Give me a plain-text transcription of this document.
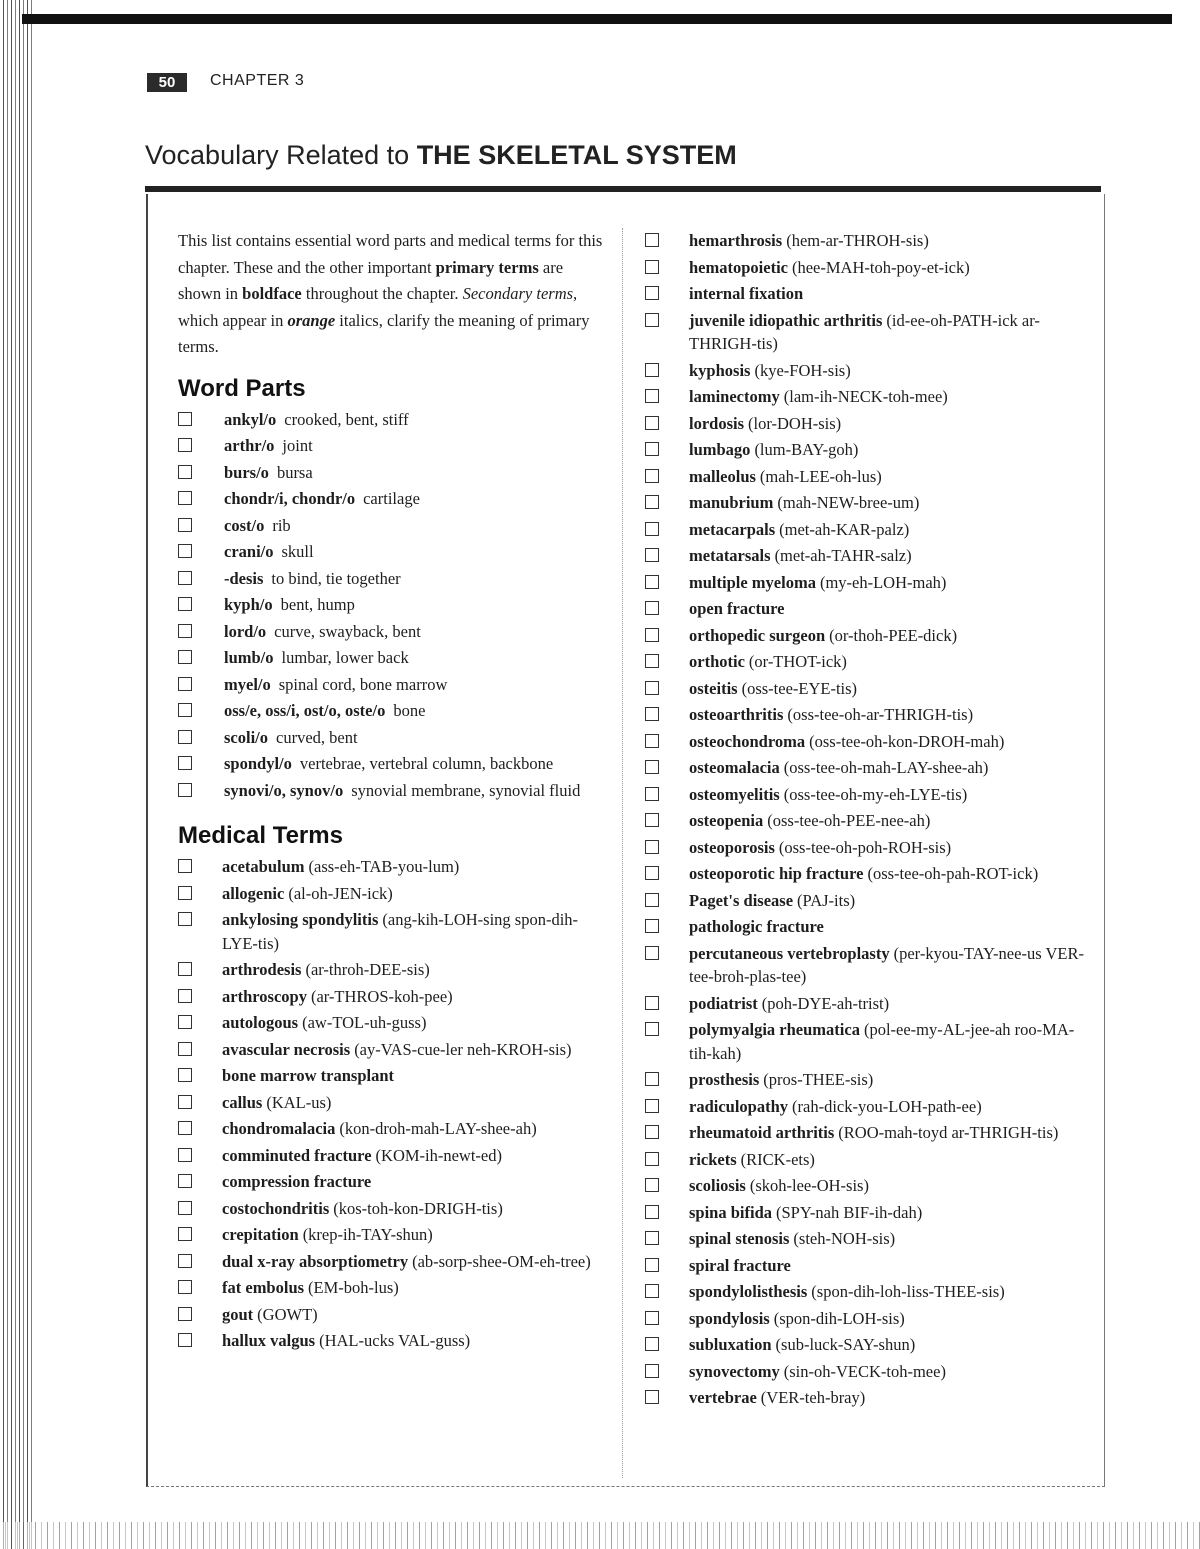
50	CHAPTER 3
Vocabulary Related to THE SKELETAL SYSTEM

This list contains essential word parts and medical terms for this chapter. These and the other important primary terms are shown in boldface throughout the chapter. Secondary terms, which appear in orange italics, clarify the meaning of primary terms.

Word Parts
ankyl/o crooked, bent, stiff
arthr/o joint
burs/o bursa
chondr/i, chondr/o cartilage
cost/o rib
crani/o skull
-desis to bind, tie together
kyph/o bent, hump
lord/o curve, swayback, bent
lumb/o lumbar, lower back
myel/o spinal cord, bone marrow
oss/e, oss/i, ost/o, oste/o bone
scoli/o curved, bent
spondyl/o vertebrae, vertebral column, backbone
synovi/o, synov/o synovial membrane, synovial fluid
Medical Terms
acetabulum (ass-eh-TAB-you-lum)
allogenic (al-oh-JEN-ick)
ankylosing spondylitis (ang-kih-LOH-sing spon-dih-LYE-tis)
arthrodesis (ar-throh-DEE-sis)
arthroscopy (ar-THROS-koh-pee)
autologous (aw-TOL-uh-guss)
avascular necrosis (ay-VAS-cue-ler neh-KROH-sis)
bone marrow transplant
callus (KAL-us)
chondromalacia (kon-droh-mah-LAY-shee-ah)
comminuted fracture (KOM-ih-newt-ed)
compression fracture
costochondritis (kos-toh-kon-DRIGH-tis)
crepitation (krep-ih-TAY-shun)
dual x-ray absorptiometry (ab-sorp-shee-OM-eh-tree)
fat embolus (EM-boh-lus)
gout (GOWT)
hallux valgus (HAL-ucks VAL-guss)
hemarthrosis (hem-ar-THROH-sis)
hematopoietic (hee-MAH-toh-poy-et-ick)
internal fixation
juvenile idiopathic arthritis (id-ee-oh-PATH-ick ar-THRIGH-tis)
kyphosis (kye-FOH-sis)
laminectomy (lam-ih-NECK-toh-mee)
lordosis (lor-DOH-sis)
lumbago (lum-BAY-goh)
malleolus (mah-LEE-oh-lus)
manubrium (mah-NEW-bree-um)
metacarpals (met-ah-KAR-palz)
metatarsals (met-ah-TAHR-salz)
multiple myeloma (my-eh-LOH-mah)
open fracture
orthopedic surgeon (or-thoh-PEE-dick)
orthotic (or-THOT-ick)
osteitis (oss-tee-EYE-tis)
osteoarthritis (oss-tee-oh-ar-THRIGH-tis)
osteochondroma (oss-tee-oh-kon-DROH-mah)
osteomalacia (oss-tee-oh-mah-LAY-shee-ah)
osteomyelitis (oss-tee-oh-my-eh-LYE-tis)
osteopenia (oss-tee-oh-PEE-nee-ah)
osteoporosis (oss-tee-oh-poh-ROH-sis)
osteoporotic hip fracture (oss-tee-oh-pah-ROT-ick)
Paget's disease (PAJ-its)
pathologic fracture
percutaneous vertebroplasty (per-kyou-TAY-nee-us VER-tee-broh-plas-tee)
podiatrist (poh-DYE-ah-trist)
polymyalgia rheumatica (pol-ee-my-AL-jee-ah roo-MA-tih-kah)
prosthesis (pros-THEE-sis)
radiculopathy (rah-dick-you-LOH-path-ee)
rheumatoid arthritis (ROO-mah-toyd ar-THRIGH-tis)
rickets (RICK-ets)
scoliosis (skoh-lee-OH-sis)
spina bifida (SPY-nah BIF-ih-dah)
spinal stenosis (steh-NOH-sis)
spiral fracture
spondylolisthesis (spon-dih-loh-liss-THEE-sis)
spondylosis (spon-dih-LOH-sis)
subluxation (sub-luck-SAY-shun)
synovectomy (sin-oh-VECK-toh-mee)
vertebrae (VER-teh-bray)
